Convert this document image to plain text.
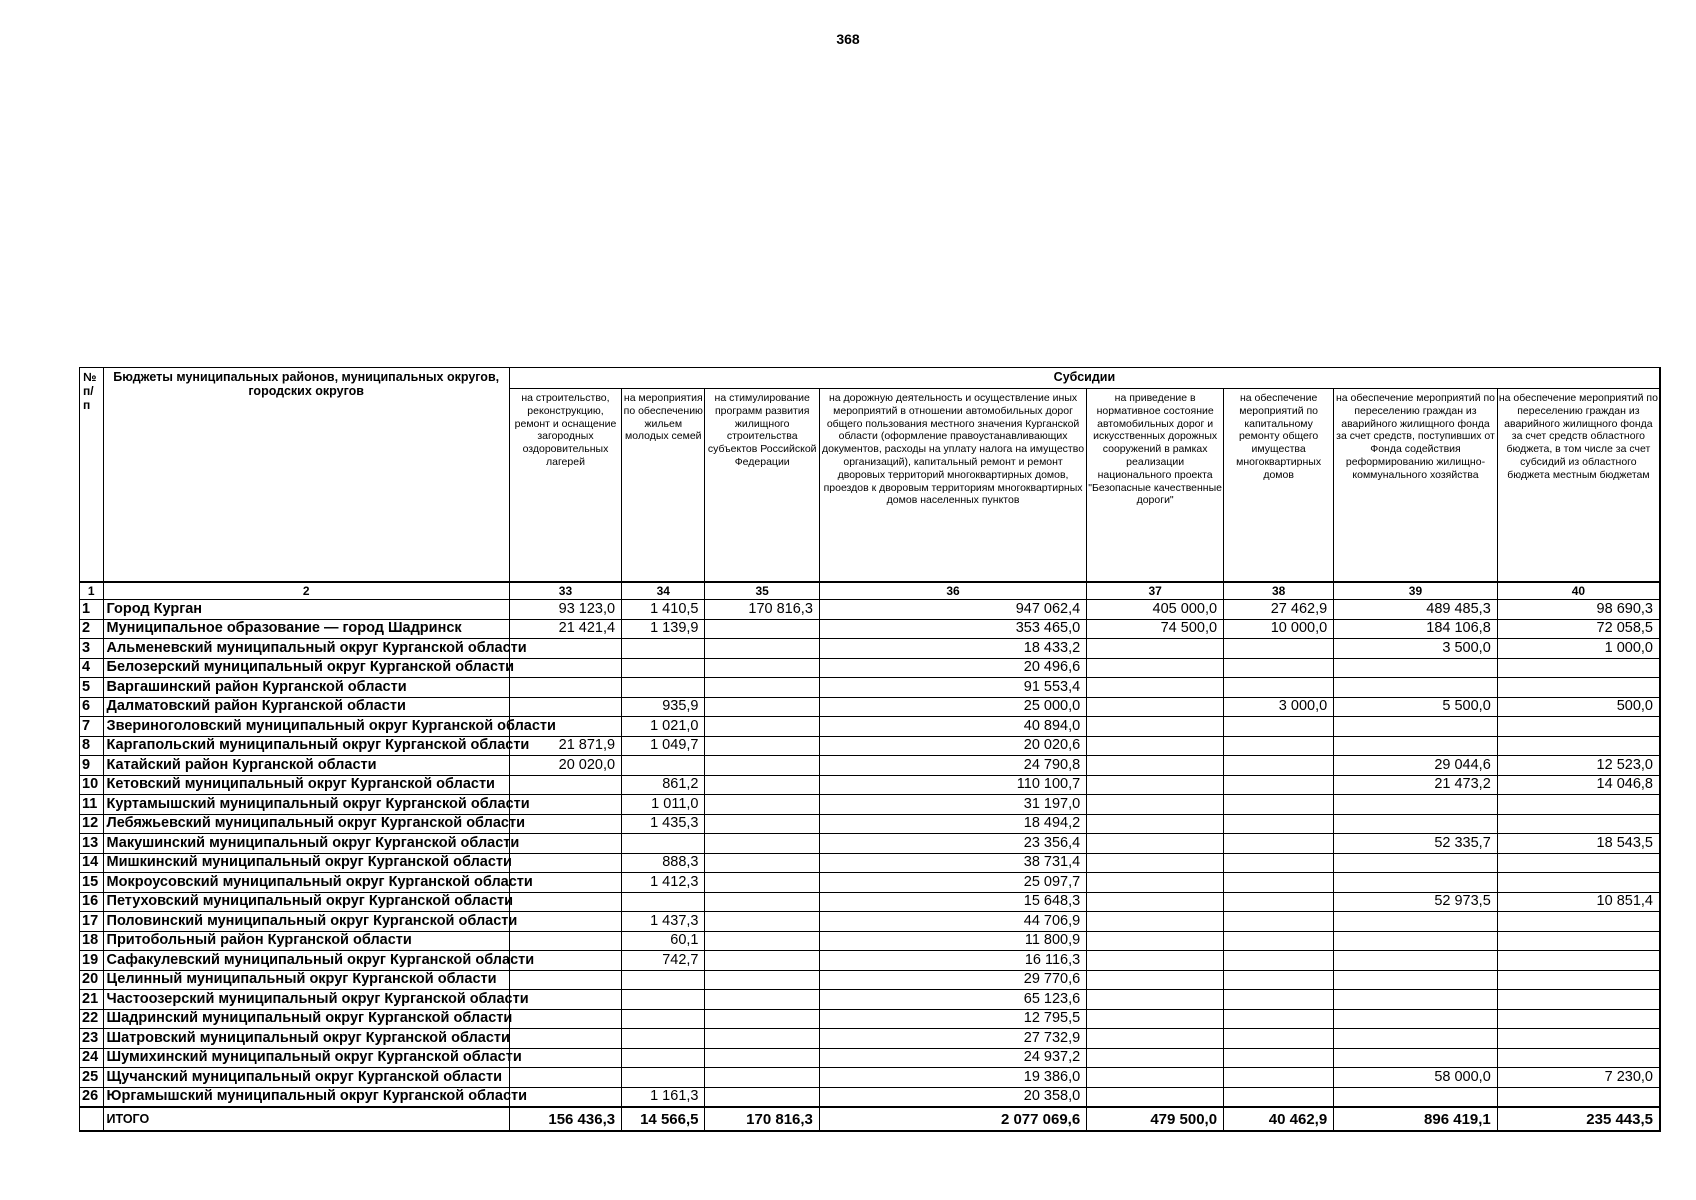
368
№ п/п	Бюджеты муниципальных районов, муниципальных округов, городских округов	Субсидии							
		на строительство, реконструкцию, ремонт и оснащение загородных оздоровительных лагерей	на мероприятия по обеспечению жильем молодых семей	на стимулирование программ развития жилищного строительства субъектов Российской Федерации	на дорожную деятельность и осуществление иных мероприятий в отношении автомобильных дорог общего пользования местного значения Курганской области (оформление правоустанавливающих документов, расходы на уплату налога на имущество организаций), капитальный ремонт и ремонт дворовых территорий многоквартирных домов, проездов к дворовым территориям многоквартирных домов населенных пунктов	на приведение в нормативное состояние автомобильных дорог и искусственных дорожных сооружений в рамках реализации национального проекта "Безопасные качественные дороги"	на обеспечение мероприятий по капитальному ремонту общего имущества многоквартирных домов	на обеспечение мероприятий по переселению граждан из аварийного жилищного фонда за счет средств, поступивших от Фонда содействия реформированию жилищно-коммунального хозяйства	на обеспечение мероприятий по переселению граждан из аварийного жилищного фонда за счет средств областного бюджета, в том числе за счет субсидий из областного бюджета местным бюджетам
1	2	33	34	35	36	37	38	39	40
1	Город Курган	93 123,0	1 410,5	170 816,3	947 062,4	405 000,0	27 462,9	489 485,3	98 690,3
2	Муниципальное образование — город Шадринск	21 421,4	1 139,9		353 465,0	74 500,0	10 000,0	184 106,8	72 058,5
3	Альменевский муниципальный округ Курганской области				18 433,2			3 500,0	1 000,0
4	Белозерский муниципальный округ Курганской области				20 496,6				
5	Варгашинский район Курганской области				91 553,4				
6	Далматовский район Курганской области		935,9		25 000,0		3 000,0	5 500,0	500,0
7	Звериноголовский муниципальный округ Курганской области		1 021,0		40 894,0				
8	Каргапольский муниципальный округ Курганской области	21 871,9	1 049,7		20 020,6				
9	Катайский район Курганской области	20 020,0			24 790,8			29 044,6	12 523,0
10	Кетовский муниципальный округ Курганской области		861,2		110 100,7			21 473,2	14 046,8
11	Куртамышский муниципальный округ Курганской области		1 011,0		31 197,0				
12	Лебяжьевский муниципальный округ Курганской области		1 435,3		18 494,2				
13	Макушинский муниципальный округ Курганской области				23 356,4			52 335,7	18 543,5
14	Мишкинский муниципальный округ Курганской области		888,3		38 731,4				
15	Мокроусовский муниципальный округ Курганской области		1 412,3		25 097,7				
16	Петуховский муниципальный округ Курганской области				15 648,3			52 973,5	10 851,4
17	Половинский муниципальный округ Курганской области		1 437,3		44 706,9				
18	Притобольный район Курганской области		60,1		11 800,9				
19	Сафакулевский муниципальный округ Курганской области		742,7		16 116,3				
20	Целинный муниципальный округ Курганской области				29 770,6				
21	Частоозерский муниципальный округ Курганской области				65 123,6				
22	Шадринский муниципальный округ Курганской области				12 795,5				
23	Шатровский муниципальный округ Курганской области				27 732,9				
24	Шумихинский муниципальный округ Курганской области				24 937,2				
25	Щучанский муниципальный округ Курганской области				19 386,0			58 000,0	7 230,0
26	Юргамышский муниципальный округ Курганской области		1 161,3		20 358,0				
	ИТОГО	156 436,3	14 566,5	170 816,3	2 077 069,6	479 500,0	40 462,9	896 419,1	235 443,5
